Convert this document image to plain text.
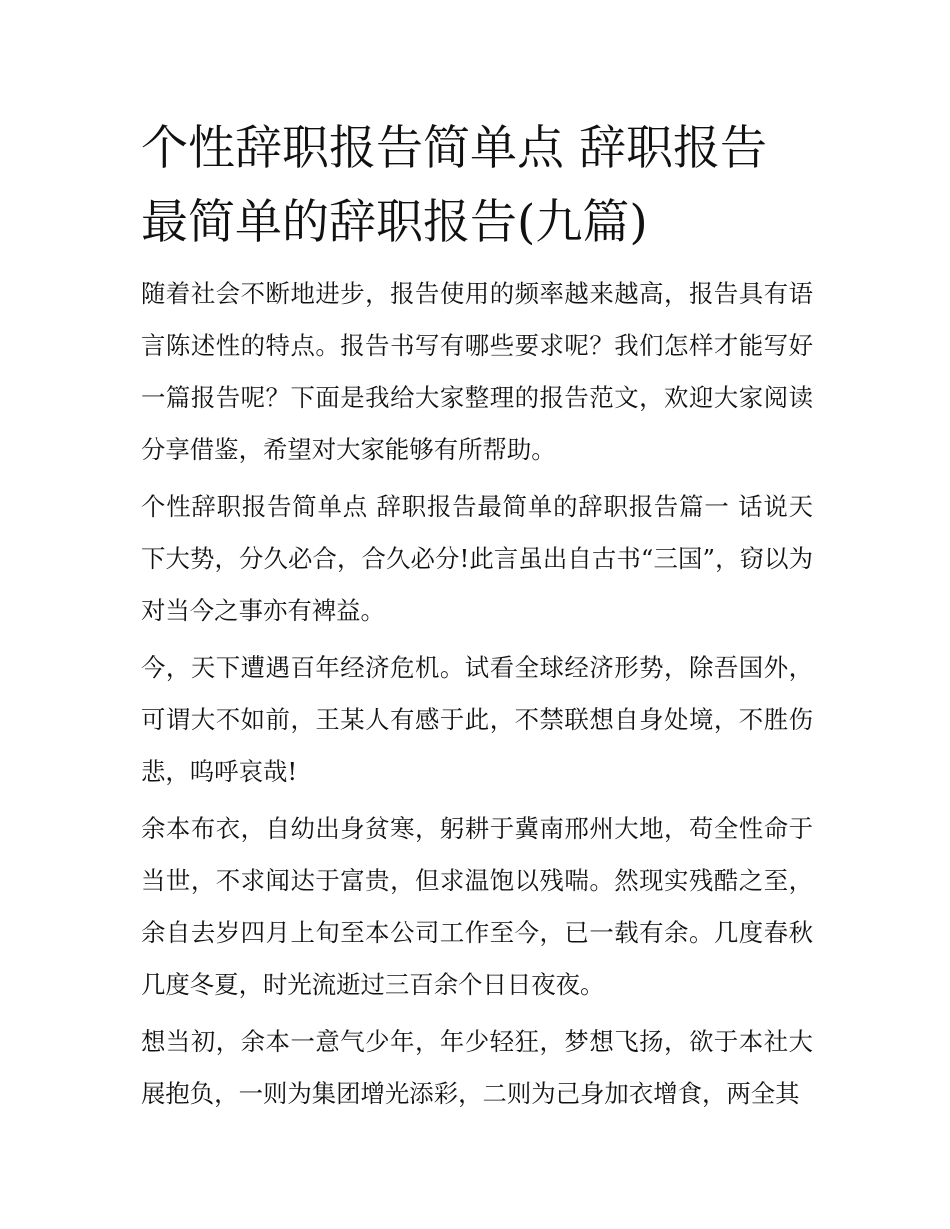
个性辞职报告简单点 辞职报告最简单的辞职报告(九篇)

随着社会不断地进步，报告使用的频率越来越高，报告具有语言陈述性的特点。报告书写有哪些要求呢？我们怎样才能写好一篇报告呢？下面是我给大家整理的报告范文，欢迎大家阅读分享借鉴，希望对大家能够有所帮助。

个性辞职报告简单点 辞职报告最简单的辞职报告篇一 话说天下大势，分久必合，合久必分!此言虽出自古书“三国”，窃以为对当今之事亦有裨益。

今，天下遭遇百年经济危机。试看全球经济形势，除吾国外，可谓大不如前，王某人有感于此，不禁联想自身处境，不胜伤悲，呜呼哀哉!

余本布衣，自幼出身贫寒，躬耕于冀南邢州大地，苟全性命于当世，不求闻达于富贵，但求温饱以残喘。然现实残酷之至，余自去岁四月上旬至本公司工作至今，已一载有余。几度春秋几度冬夏，时光流逝过三百余个日日夜夜。

想当初，余本一意气少年，年少轻狂，梦想飞扬，欲于本社大展抱负，一则为集团增光添彩，二则为己身加衣增食，两全其
